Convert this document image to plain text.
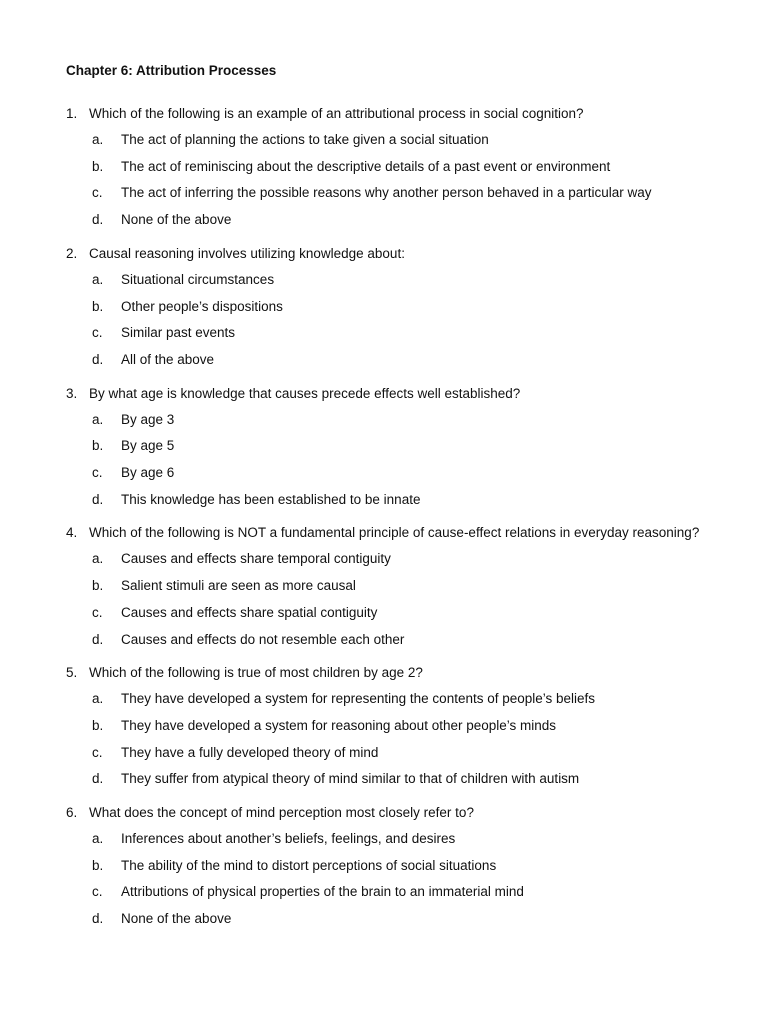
Chapter 6: Attribution Processes
1. Which of the following is an example of an attributional process in social cognition?
a.	The act of planning the actions to take given a social situation
b.	The act of reminiscing about the descriptive details of a past event or environment
c.	The act of inferring the possible reasons why another person behaved in a particular way
d.	None of the above
2. Causal reasoning involves utilizing knowledge about:
a.	Situational circumstances
b.	Other people’s dispositions
c.	Similar past events
d.	All of the above
3. By what age is knowledge that causes precede effects well established?
a.	By age 3
b.	By age 5
c.	By age 6
d.	This knowledge has been established to be innate
4. Which of the following is NOT a fundamental principle of cause-effect relations in everyday reasoning?
a.	Causes and effects share temporal contiguity
b.	Salient stimuli are seen as more causal
c.	Causes and effects share spatial contiguity
d.	Causes and effects do not resemble each other
5. Which of the following is true of most children by age 2?
a.	They have developed a system for representing the contents of people’s beliefs
b.	They have developed a system for reasoning about other people’s minds
c.	They have a fully developed theory of mind
d.	They suffer from atypical theory of mind similar to that of children with autism
6. What does the concept of mind perception most closely refer to?
a.	Inferences about another’s beliefs, feelings, and desires
b.	The ability of the mind to distort perceptions of social situations
c.	Attributions of physical properties of the brain to an immaterial mind
d.	None of the above
